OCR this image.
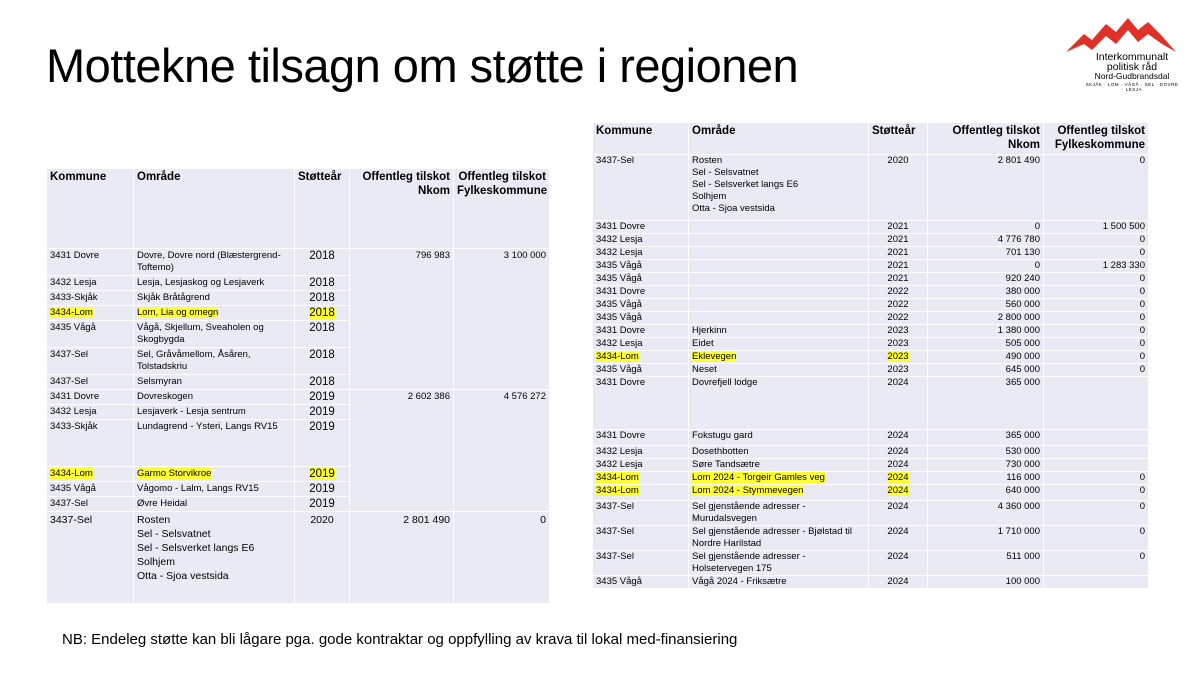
Mottekne tilsagn om støtte i regionen	Interkommunalt
politisk råd
Nord-Gudbrandsdal
SKJÅK · LOM · VÅGÅ · SEL · DOVRE · LESJA
Kommune	Område	Støtteår	Offentleg tilskot Nkom	Offentleg tilskot Fylkeskommune
3431 Dovre	Dovre, Dovre nord (Blæstergrend-Toftemo)	2018	796 983	3 100 000
3432 Lesja	Lesja, Lesjaskog og Lesjaverk	2018		
3433-Skjåk	Skjåk Bråtågrend	2018		
3434-Lom	Lom, Lia og omegn	2018		
3435 Vågå	Vågå, Skjellum, Sveaholen og Skogbygda	2018		
3437-Sel	Sel, Gråvåmellom, Åsåren, Tolstadskriu	2018		
3437-Sel	Selsmyran	2018		
3431 Dovre	Dovreskogen	2019	2 602 386	4 576 272
3432 Lesja	Lesjaverk - Lesja sentrum	2019		
3433-Skjåk	Lundagrend - Ysteri, Langs RV15	2019		
3434-Lom	Garmo Storvikroe	2019		
3435 Vågå	Vågomo - Lalm, Langs RV15	2019		
3437-Sel	Øvre Heidal	2019		
3437-Sel	Rosten
Sel - Selsvatnet
Sel - Selsverket langs E6
Solhjem
Otta - Sjoa vestsida	2020	2 801 490	0
Kommune	Område	Støtteår	Offentleg tilskot Nkom	Offentleg tilskot Fylkeskommune
3437-Sel	Rosten
Sel - Selsvatnet
Sel - Selsverket langs E6
Solhjem
Otta - Sjoa vestsida	2020	2 801 490	0
3431 Dovre		2021	0	1 500 500
3432 Lesja		2021	4 776 780	0
3432 Lesja		2021	701 130	0
3435 Vågå		2021	0	1 283 330
3435 Vågå		2021	920 240	0
3431 Dovre		2022	380 000	0
3435 Vågå		2022	560 000	0
3435 Vågå		2022	2 800 000	0
3431 Dovre	Hjerkinn	2023	1 380 000	0
3432 Lesja	Eidet	2023	505 000	0
3434-Lom	Eklevegen	2023	490 000	0
3435 Vågå	Neset	2023	645 000	0
3431 Dovre	Dovrefjell lodge	2024	365 000	
3431 Dovre	Fokstugu gard	2024	365 000	
3432 Lesja	Dosethbotten	2024	530 000	
3432 Lesja	Søre Tandsætre	2024	730 000	
3434-Lom	Lom 2024 - Torgeir Gamles veg	2024	116 000	0
3434-Lom	Lom 2024 - Stymmevegen	2024	640 000	0
3437-Sel	Sel gjenstående adresser - Murudalsvegen	2024	4 360 000	0
3437-Sel	Sel gjenstående adresser - Bjølstad til Nordre Harilstad	2024	1 710 000	0
3437-Sel	Sel gjenstående adresser - Holsetervegen 175	2024	511 000	0
3435 Vågå	Vågå 2024 - Friksætre	2024	100 000	
NB: Endeleg støtte kan bli lågare pga. gode kontraktar og oppfylling av krava til lokal med-finansiering
